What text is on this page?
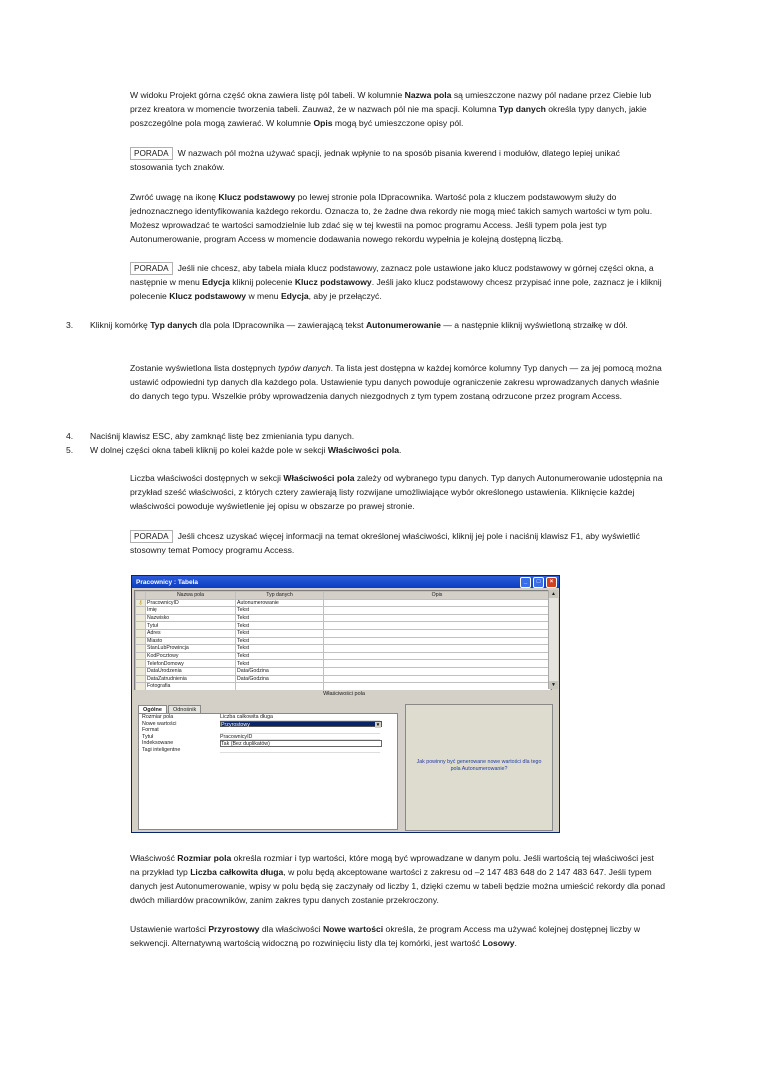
W widoku Projekt górna część okna zawiera listę pól tabeli. W kolumnie Nazwa pola są umieszczone nazwy pól nadane przez Ciebie lub przez kreatora w momencie tworzenia tabeli. Zauważ, że w nazwach pól nie ma spacji. Kolumna Typ danych określa typy danych, jakie poszczególne pola mogą zawierać. W kolumnie Opis mogą być umieszczone opisy pól.

PORADA W nazwach pól można używać spacji, jednak wpłynie to na sposób pisania kwerend i modułów, dlatego lepiej unikać stosowania tych znaków.

Zwróć uwagę na ikonę Klucz podstawowy po lewej stronie pola IDpracownika. Wartość pola z kluczem podstawowym służy do jednoznacznego identyfikowania każdego rekordu. Oznacza to, że żadne dwa rekordy nie mogą mieć takich samych wartości w tym polu. Możesz wprowadzać te wartości samodzielnie lub zdać się w tej kwestii na pomoc programu Access. Jeśli typem pola jest typ Autonumerowanie, program Access w momencie dodawania nowego rekordu wypełnia je kolejną dostępną liczbą.

PORADA Jeśli nie chcesz, aby tabela miała klucz podstawowy, zaznacz pole ustawione jako klucz podstawowy w górnej części okna, a następnie w menu Edycja kliknij polecenie Klucz podstawowy. Jeśli jako klucz podstawowy chcesz przypisać inne pole, zaznacz je i kliknij polecenie Klucz podstawowy w menu Edycja, aby je przełączyć.

3. Kliknij komórkę Typ danych dla pola IDpracownika — zawierającą tekst Autonumerowanie — a następnie kliknij wyświetloną strzałkę w dół.

Zostanie wyświetlona lista dostępnych typów danych. Ta lista jest dostępna w każdej komórce kolumny Typ danych — za jej pomocą można ustawić odpowiedni typ danych dla każdego pola. Ustawienie typu danych powoduje ograniczenie zakresu wprowadzanych danych właśnie do danych tego typu. Wszelkie próby wprowadzenia danych niezgodnych z tym typem zostaną odrzucone przez program Access.

4. Naciśnij klawisz ESC, aby zamknąć listę bez zmieniania typu danych.

5. W dolnej części okna tabeli kliknij po kolei każde pole w sekcji Właściwości pola.

Liczba właściwości dostępnych w sekcji Właściwości pola zależy od wybranego typu danych. Typ danych Autonumerowanie udostępnia na przykład sześć właściwości, z których cztery zawierają listy rozwijane umożliwiające wybór określonego ustawienia. Kliknięcie każdej właściwości powoduje wyświetlenie jej opisu w obszarze po prawej stronie.

PORADA Jeśli chcesz uzyskać więcej informacji na temat określonej właściwości, kliknij jej pole i naciśnij klawisz F1, aby wyświetlić stosowny temat Pomocy programu Access.

Pracownicy : Tabela	_	□	×
	Nazwa pola	Typ danych	Opis
⚷	PracownicyID	Autonumerowanie	
	Imię	Tekst	
	Nazwisko	Tekst	
	Tytuł	Tekst	
	Adres	Tekst	
	Miasto	Tekst	
	StanLubProwincja	Tekst	
	KodPocztowy	Tekst	
	TelefonDomowy	Tekst	
	DataUrodzenia	Data/Godzina	
	DataZatrudnienia	Data/Godzina	
	Fotografia		
▲
▼
Właściwości pola
Ogólne	Odnośnik
Rozmiar pola	Liczba całkowita długa
Nowe wartości	Przyrostowy	▼
Format
Tytuł	PracownicyID
Indeksowane	Tak (Bez duplikatów)
Tagi inteligentne
Jak powinny być generowane nowe wartości dla tego pola Autonumerowanie?

Właściwość Rozmiar pola określa rozmiar i typ wartości, które mogą być wprowadzane w danym polu. Jeśli wartością tej właściwości jest na przykład typ Liczba całkowita długa, w polu będą akceptowane wartości z zakresu od –2 147 483 648 do 2 147 483 647. Jeśli typem danych jest Autonumerowanie, wpisy w polu będą się zaczynały od liczby 1, dzięki czemu w tabeli będzie można umieścić rekordy dla ponad dwóch miliardów pracowników, zanim zakres typu danych zostanie przekroczony.

Ustawienie wartości Przyrostowy dla właściwości Nowe wartości określa, że program Access ma używać kolejnej dostępnej liczby w sekwencji. Alternatywną wartością widoczną po rozwinięciu listy dla tej komórki, jest wartość Losowy.
